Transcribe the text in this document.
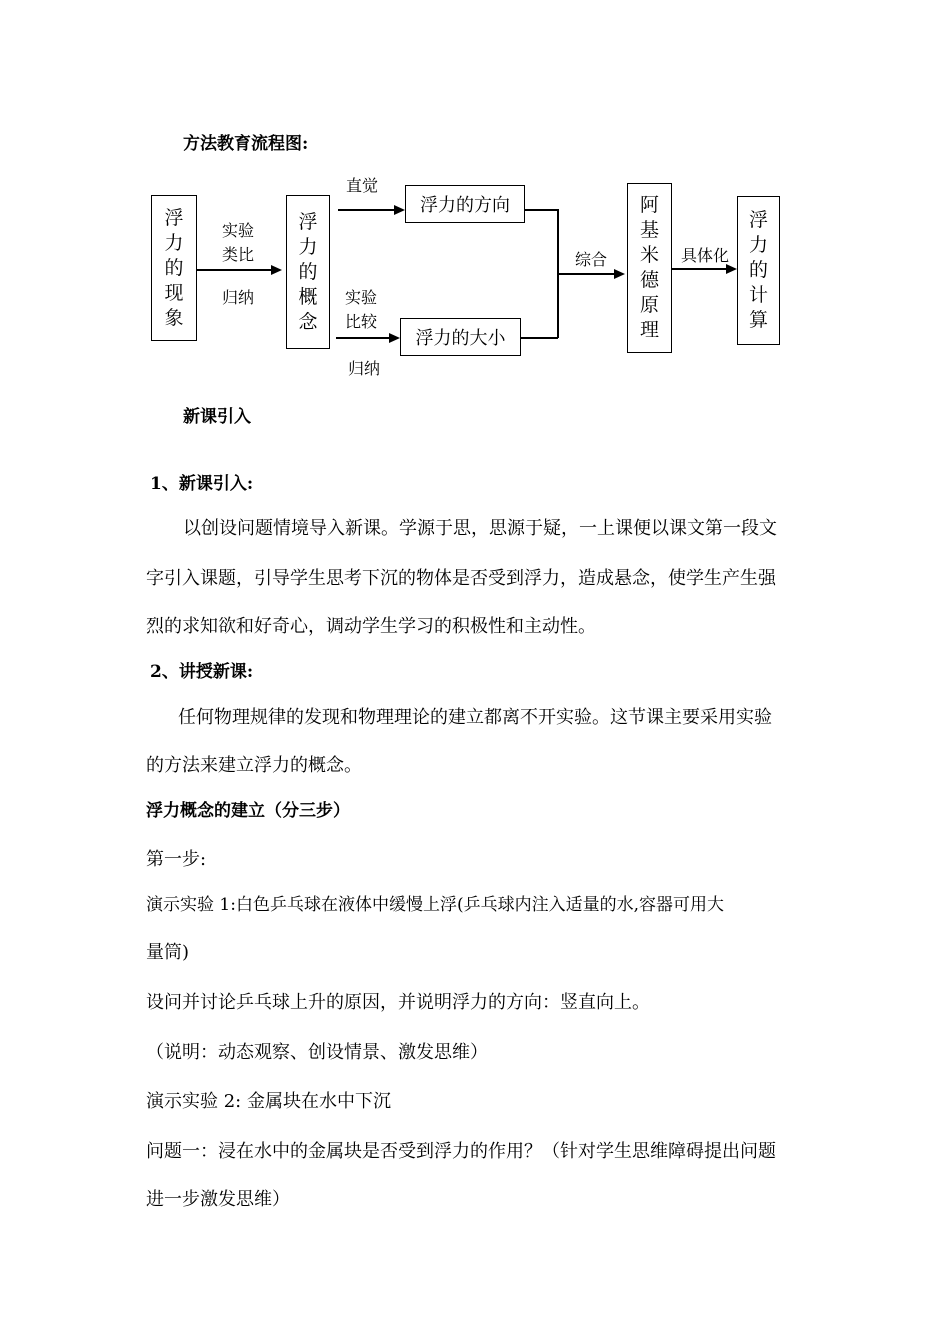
方法教育流程图:
浮力的现象
实验
类比
归纳
浮力的概念
直觉
实验
比较
归纳
浮力的方向
浮力的大小
综合
阿基米德原理
具体化
浮力的计算
新课引入
1、新课引入:
以创设问题情境导入新课。学源于思，思源于疑，一上课便以课文第一段文
字引入课题，引导学生思考下沉的物体是否受到浮力，造成悬念，使学生产生强
烈的求知欲和好奇心，调动学生学习的积极性和主动性。
2、讲授新课:
任何物理规律的发现和物理理论的建立都离不开实验。这节课主要采用实验
的方法来建立浮力的概念。
浮力概念的建立（分三步）
第一步:
演示实验 1:白色乒乓球在液体中缓慢上浮(乒乓球内注入适量的水,容器可用大
量筒)
设问并讨论乒乓球上升的原因，并说明浮力的方向：竖直向上。
（说明：动态观察、创设情景、激发思维）
演示实验 2: 金属块在水中下沉
问题一：浸在水中的金属块是否受到浮力的作用？（针对学生思维障碍提出问题
进一步激发思维）
